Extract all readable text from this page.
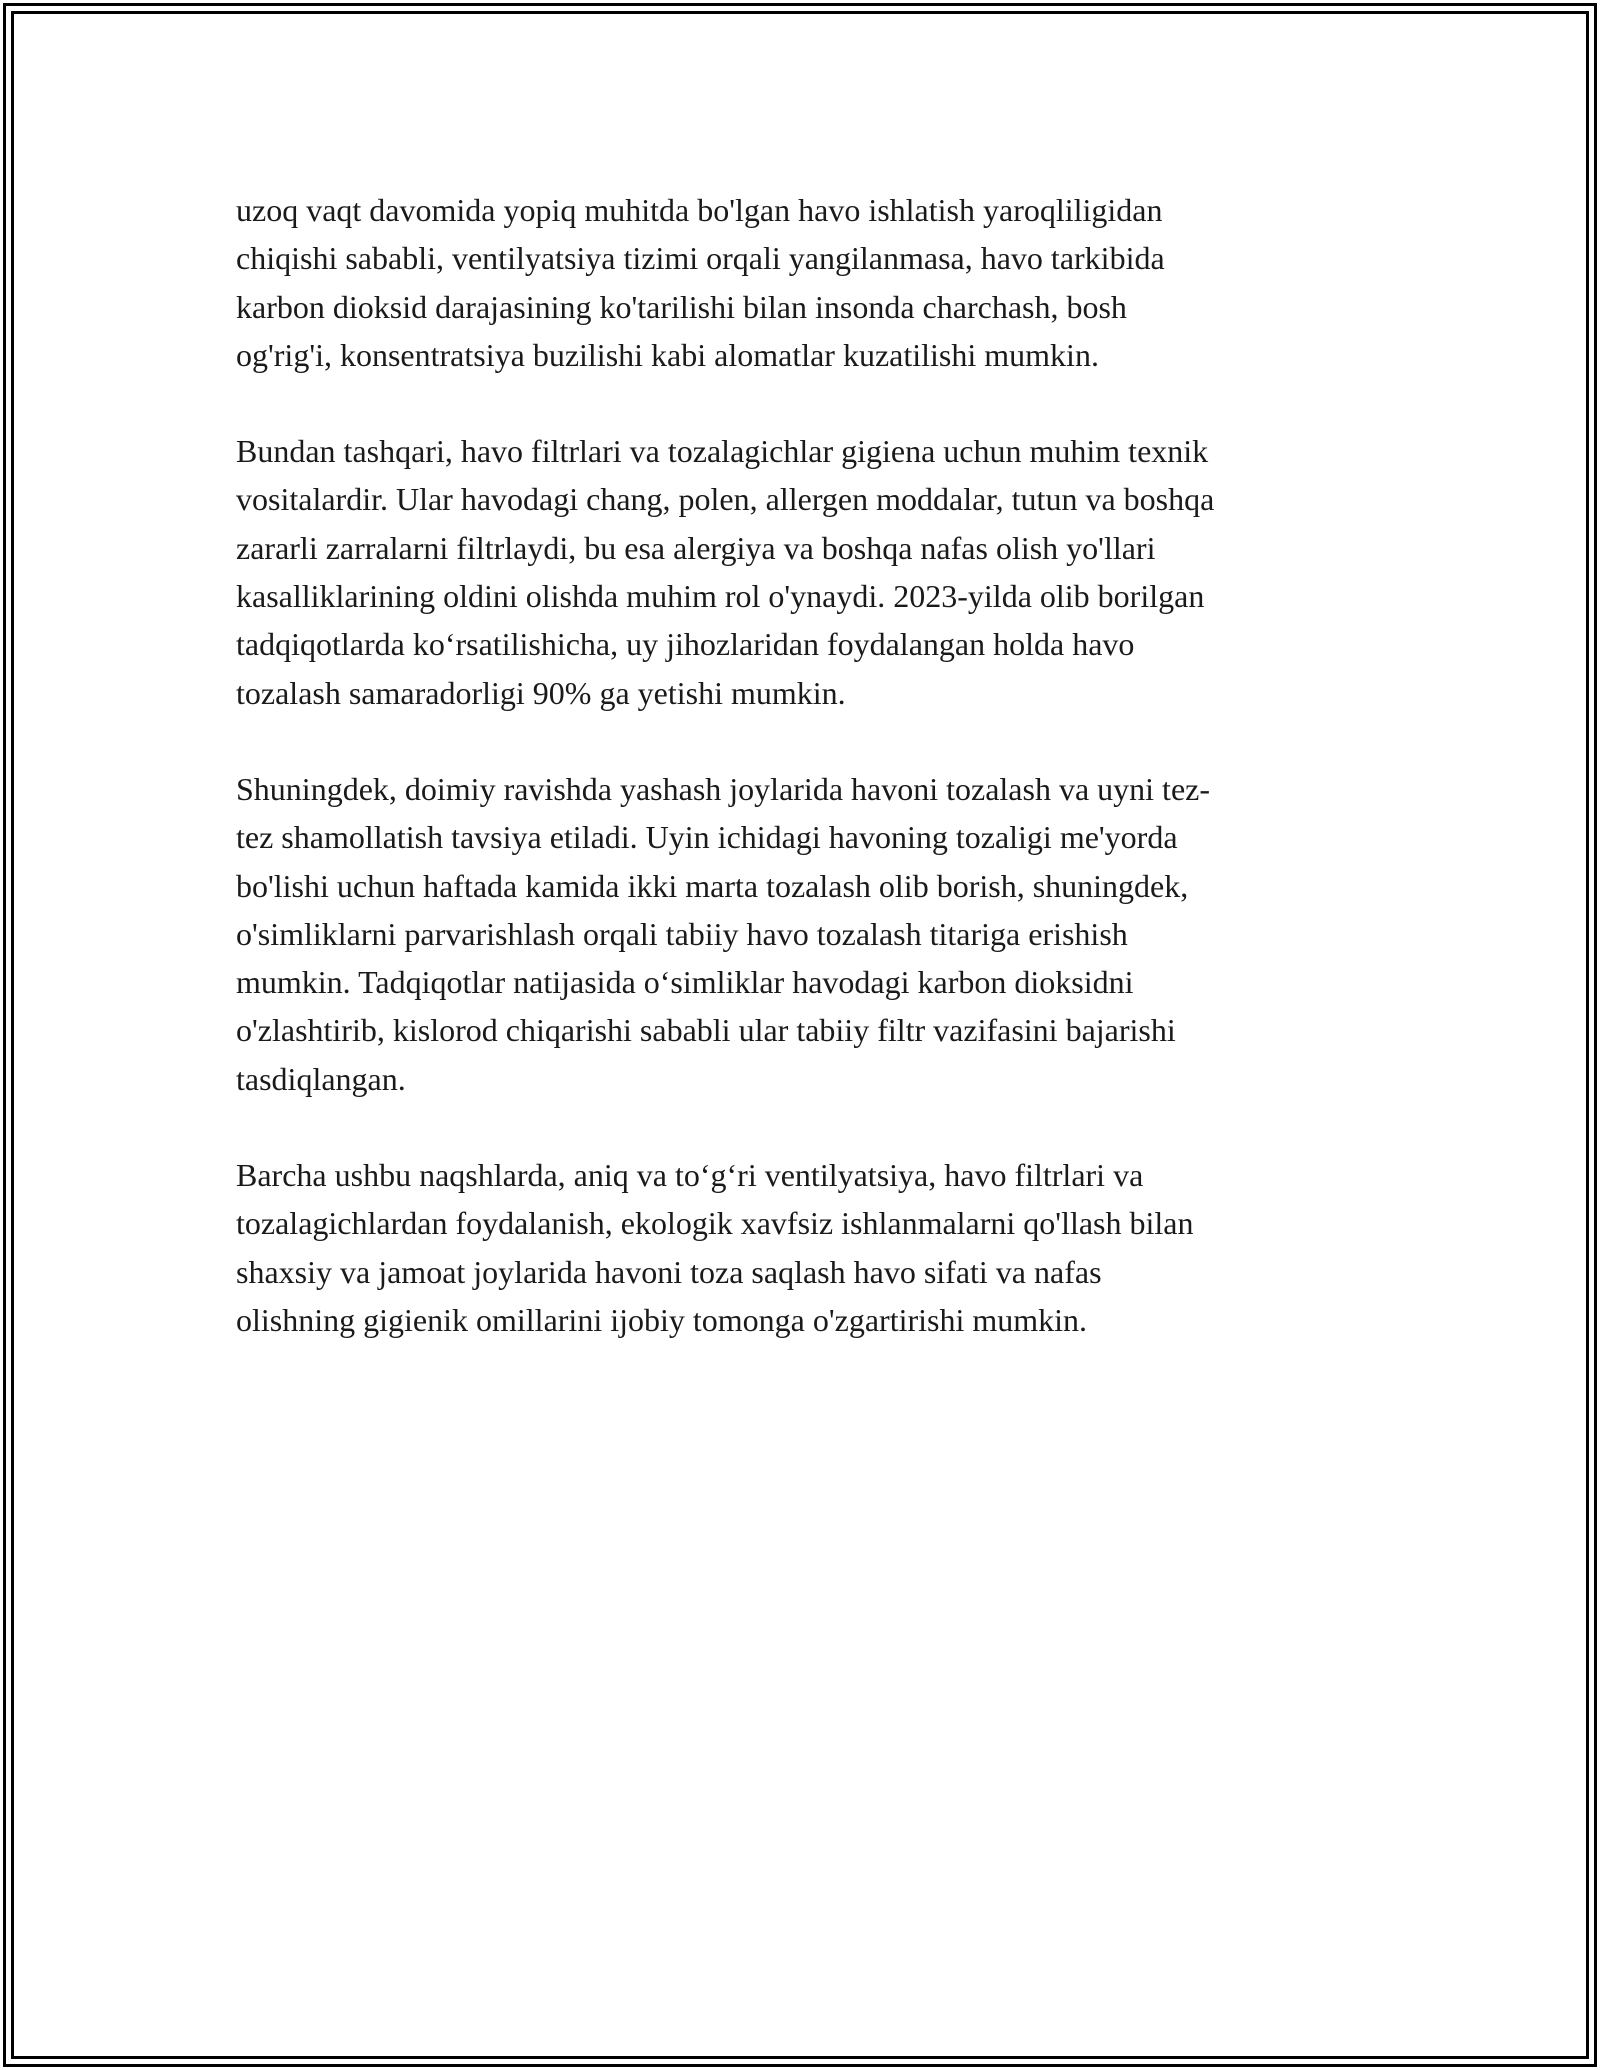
uzoq vaqt davomida yopiq muhitda bo'lgan havo ishlatish yaroqliligidan
chiqishi sababli, ventilyatsiya tizimi orqali yangilanmasa, havo tarkibida
karbon dioksid darajasining ko'tarilishi bilan insonda charchash, bosh
og'rig'i, konsentratsiya buzilishi kabi alomatlar kuzatilishi mumkin.

Bundan tashqari, havo filtrlari va tozalagichlar gigiena uchun muhim texnik
vositalardir. Ular havodagi chang, polen, allergen moddalar, tutun va boshqa
zararli zarralarni filtrlaydi, bu esa alergiya va boshqa nafas olish yo'llari
kasalliklarining oldini olishda muhim rol o'ynaydi. 2023-yilda olib borilgan
tadqiqotlarda ko‘rsatilishicha, uy jihozlaridan foydalangan holda havo
tozalash samaradorligi 90% ga yetishi mumkin.

Shuningdek, doimiy ravishda yashash joylarida havoni tozalash va uyni tez-
tez shamollatish tavsiya etiladi. Uyin ichidagi havoning tozaligi me'yorda
bo'lishi uchun haftada kamida ikki marta tozalash olib borish, shuningdek,
o'simliklarni parvarishlash orqali tabiiy havo tozalash titariga erishish
mumkin. Tadqiqotlar natijasida o‘simliklar havodagi karbon dioksidni
o'zlashtirib, kislorod chiqarishi sababli ular tabiiy filtr vazifasini bajarishi
tasdiqlangan.

Barcha ushbu naqshlarda, aniq va to‘g‘ri ventilyatsiya, havo filtrlari va
tozalagichlardan foydalanish, ekologik xavfsiz ishlanmalarni qo'llash bilan
shaxsiy va jamoat joylarida havoni toza saqlash havo sifati va nafas
olishning gigienik omillarini ijobiy tomonga o'zgartirishi mumkin.
